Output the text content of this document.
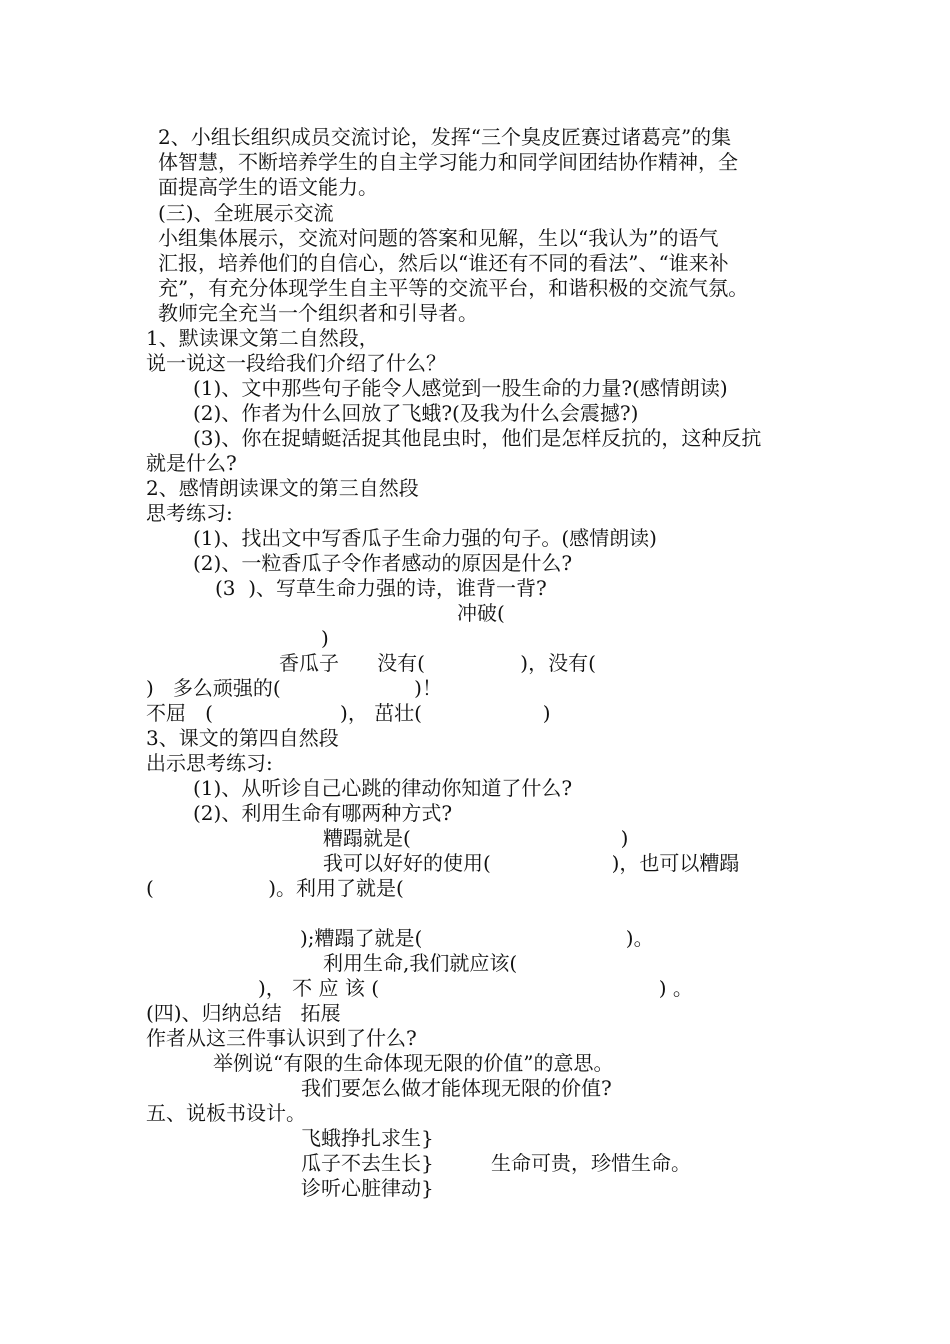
2、小组长组织成员交流讨论，发挥“三个臭皮匠赛过诸葛亮”的集
体智慧，不断培养学生的自主学习能力和同学间团结协作精神，全
面提高学生的语文能力。
(三)、全班展示交流
小组集体展示，交流对问题的答案和见解，生以“我认为”的语气
汇报，培养他们的自信心，然后以“谁还有不同的看法”、“谁来补
充”，有充分体现学生自主平等的交流平台，和谐积极的交流气氛。
教师完全充当一个组织者和引导者。
1、默读课文第二自然段，
说一说这一段给我们介绍了什么？
(1)、文中那些句子能令人感觉到一股生命的力量?(感情朗读)
(2)、作者为什么回放了飞蛾?(及我为什么会震撼?)
(3)、你在捉蜻蜓活捉其他昆虫时，他们是怎样反抗的，这种反抗
就是什么?
2、感情朗读课文的第三自然段
思考练习:
(1)、找出文中写香瓜子生命力强的句子。(感情朗读)
(2)、一粒香瓜子令作者感动的原因是什么?
(3  )、写草生命力强的诗，谁背一背?
冲破(
)
香瓜子      没有(               )，没有(
)   多么顽强的(                     )！
不屈   (                    )， 茁壮(                   )
3、课文的第四自然段
出示思考练习:
(1)、从听诊自己心跳的律动你知道了什么?
(2)、利用生命有哪两种方式?
糟蹋就是(                                 )
我可以好好的使用(                   )，也可以糟蹋
(                  )。利用了就是(
);糟蹋了就是(                                )。
利用生命,我们就应该(
)， 不 应 该 (                                            ) 。
(四)、归纳总结   拓展
作者从这三件事认识到了什么?
举例说“有限的生命体现无限的价值”的意思。
我们要怎么做才能体现无限的价值?
五、说板书设计。
飞蛾挣扎求生}
瓜子不去生长}	生命可贵，珍惜生命。
诊听心脏律动}
